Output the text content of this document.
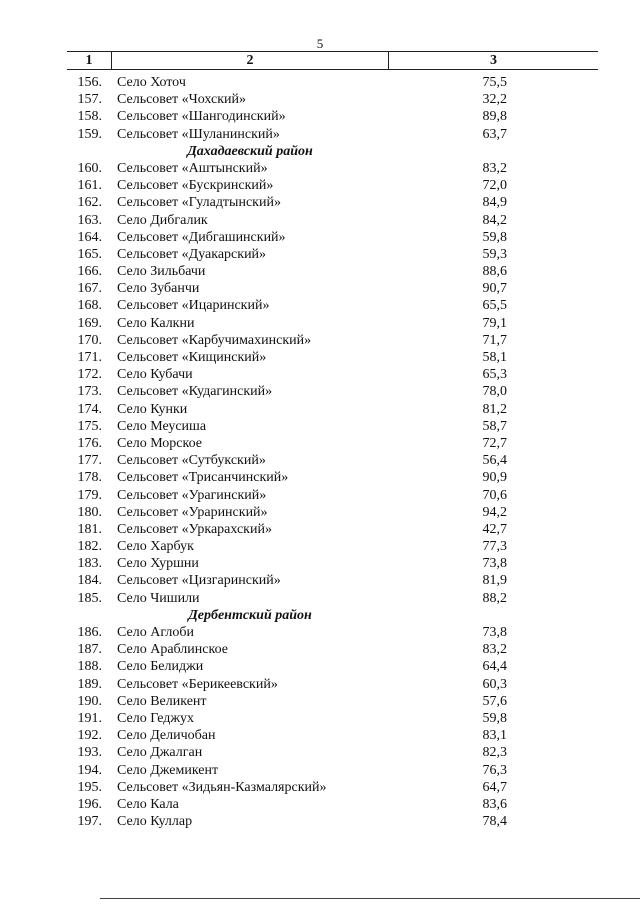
5
1	2	3
156. Село Хоточ	75,5
157. Сельсовет «Чохский»	32,2
158. Сельсовет «Шангодинский»	89,8
159. Сельсовет «Шуланинский»	63,7
Дахадаевский район
160. Сельсовет «Аштынский»	83,2
161. Сельсовет «Бускринский»	72,0
162. Сельсовет «Гуладтынский»	84,9
163. Село Дибгалик	84,2
164. Сельсовет «Дибгашинский»	59,8
165. Сельсовет «Дуакарский»	59,3
166. Село Зильбачи	88,6
167. Село Зубанчи	90,7
168. Сельсовет «Ицаринский»	65,5
169. Село Калкни	79,1
170. Сельсовет «Карбучимахинский»	71,7
171. Сельсовет «Кищинский»	58,1
172. Село Кубачи	65,3
173. Сельсовет «Кудагинский»	78,0
174. Село Кунки	81,2
175. Село Меусиша	58,7
176. Село Морское	72,7
177. Сельсовет «Сутбукский»	56,4
178. Сельсовет «Трисанчинский»	90,9
179. Сельсовет «Урагинский»	70,6
180. Сельсовет «Ураринский»	94,2
181. Сельсовет «Уркарахский»	42,7
182. Село Харбук	77,3
183. Село Хуршни	73,8
184. Сельсовет «Цизгаринский»	81,9
185. Село Чишили	88,2
Дербентский район
186. Село Аглоби	73,8
187. Село Араблинское	83,2
188. Село Белиджи	64,4
189. Сельсовет «Берикеевский»	60,3
190. Село Великент	57,6
191. Село Геджух	59,8
192. Село Деличобан	83,1
193. Село Джалган	82,3
194. Село Джемикент	76,3
195. Сельсовет «Зидьян-Казмалярский»	64,7
196. Село Кала	83,6
197. Село Куллар	78,4
